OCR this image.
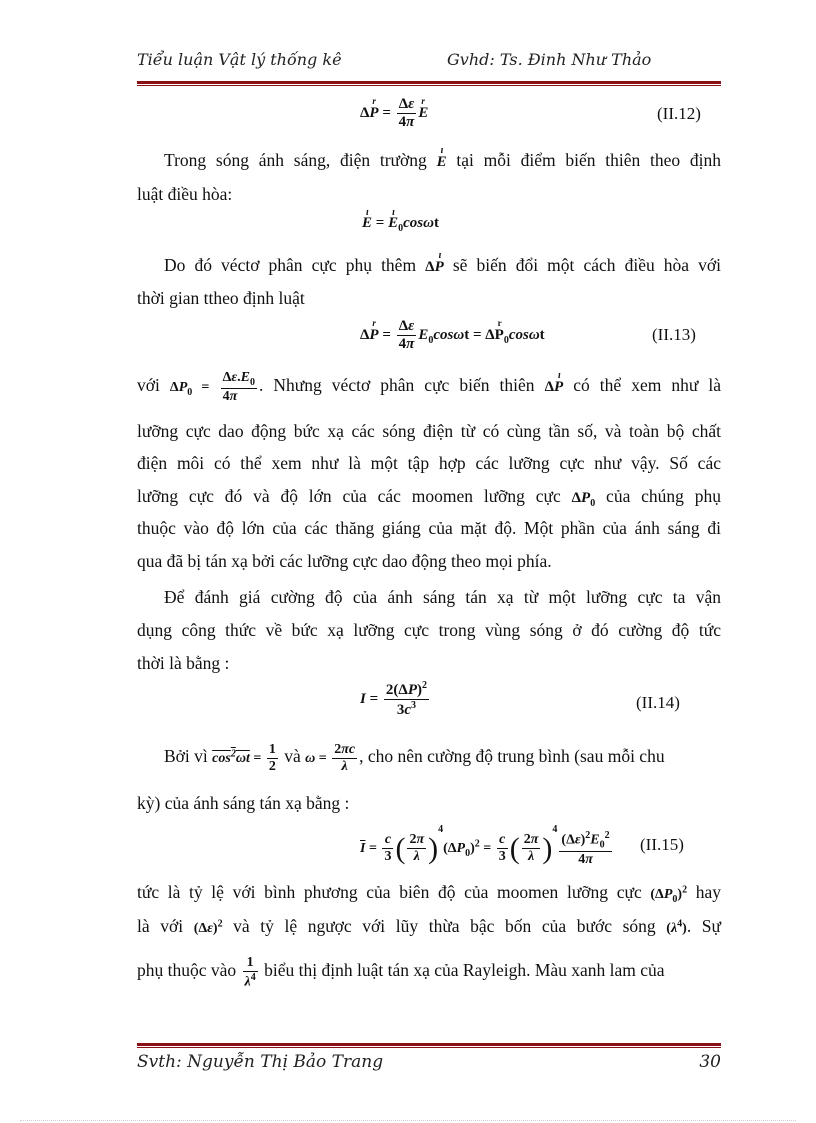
Tiểu luận Vật lý thống kê	Gvhd: Ts. Đinh Như Thảo
Δr $P = \frac{\Delta\varepsilon}{4\pi}$ r E	(II.12)
Trong sóng ánh sáng, điện trường ı E tại mỗi điểm biến thiên theo định
luật điều hòa:
ı E = ı $E_0\cos\omega t$
Do đó véctơ phân cực phụ thêm Δı P sẽ biến đổi một cách điều hòa với
thời gian ttheo định luật
Δr $P = \frac{\Delta\varepsilon}{4\pi} E_0\cos\omega t = \Delta r$ $P_0\cos\omega t$	(II.13)
với $\Delta P_0 = \frac{\Delta\varepsilon.E_0}{4\pi}$ . Nhưng véctơ phân cực biến thiên Δı P có thể xem như là
lưỡng cực dao động bức xạ các sóng điện từ có cùng tần số, và toàn bộ chất
điện môi có thể xem như là một tập hợp các lưỡng cực như vậy. Số các
lưỡng cực đó và độ lớn của các moomen lưỡng cực $\Delta P_0$ của chúng phụ
thuộc vào độ lớn của các thăng giáng của mặt độ. Một phần của ánh sáng đi
qua đã bị tán xạ bởi các lưỡng cực dao động theo mọi phía.
Để đánh giá cường độ của ánh sáng tán xạ từ một lưỡng cực ta vận
dụng công thức về bức xạ lưỡng cực trong vùng sóng ở đó cường độ tức
thời là bằng :
$I = \frac{2(\Delta P)^2}{3c^3}$	(II.14)
Bởi vì $\cos^2\omega t = \frac{1}{2}$ và $\omega = \frac{2\pi c}{\lambda}$ , cho nên cường độ trung bình (sau mỗi chu
kỳ) của ánh sáng tán xạ bằng :
$\overline{I} = \frac{c}{3}$ ( $\frac{2\pi}{\lambda} )^4(\Delta P_0)^2 = \frac{c}{3}$ ( $\frac{2\pi}{\lambda} )^4$
$\frac{(\Delta\varepsilon)^2E_0^2}{4\pi} (II.15)$
tức là tỷ lệ với bình phương của biên độ của moomen lưỡng cực $(\Delta P_0)^2$ hay
là với $(\Delta\varepsilon)^2$ và tỷ lệ ngược với lũy thừa bậc bốn của bước sóng $(\lambda^4)$. Sự
phụ thuộc vào $\frac{1}{\lambda^4}$ biểu thị định luật tán xạ của Rayleigh. Màu xanh lam của
Svth: Nguyễn Thị Bảo Trang	30
